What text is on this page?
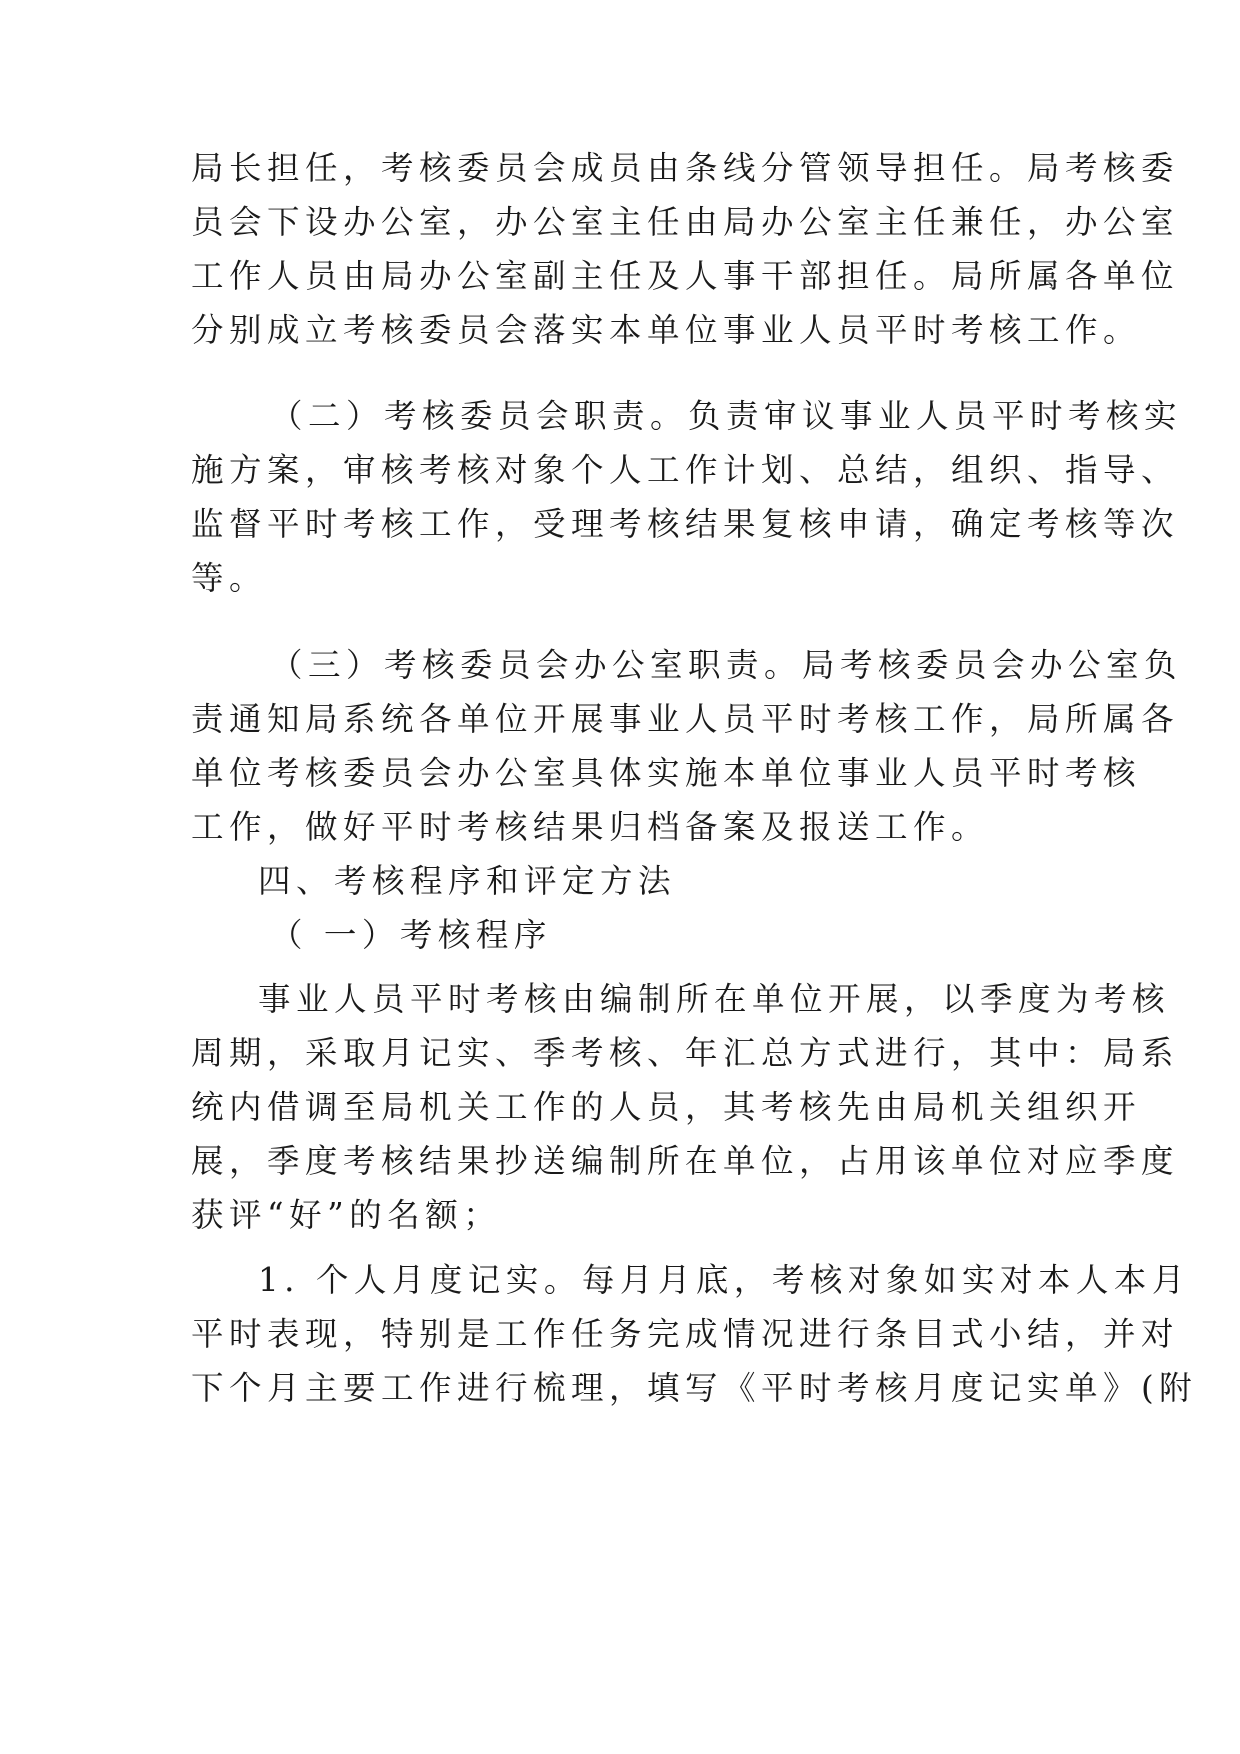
局长担任，考核委员会成员由条线分管领导担任。局考核委
员会下设办公室，办公室主任由局办公室主任兼任，办公室
工作人员由局办公室副主任及人事干部担任。局所属各单位
分别成立考核委员会落实本单位事业人员平时考核工作。
（二）考核委员会职责。负责审议事业人员平时考核实
施方案，审核考核对象个人工作计划、总结，组织、指导、
监督平时考核工作，受理考核结果复核申请，确定考核等次
等。
（三）考核委员会办公室职责。局考核委员会办公室负
责通知局系统各单位开展事业人员平时考核工作，局所属各
单位考核委员会办公室具体实施本单位事业人员平时考核
工作，做好平时考核结果归档备案及报送工作。
四、考核程序和评定方法
（ 一）考核程序
事业人员平时考核由编制所在单位开展，以季度为考核
周期，采取月记实、季考核、年汇总方式进行，其中：局系
统内借调至局机关工作的人员，其考核先由局机关组织开
展，季度考核结果抄送编制所在单位，占用该单位对应季度
获评“好”的名额；
1. 个人月度记实。每月月底，考核对象如实对本人本月
平时表现，特别是工作任务完成情况进行条目式小结，并对
下个月主要工作进行梳理，填写《平时考核月度记实单》(附
